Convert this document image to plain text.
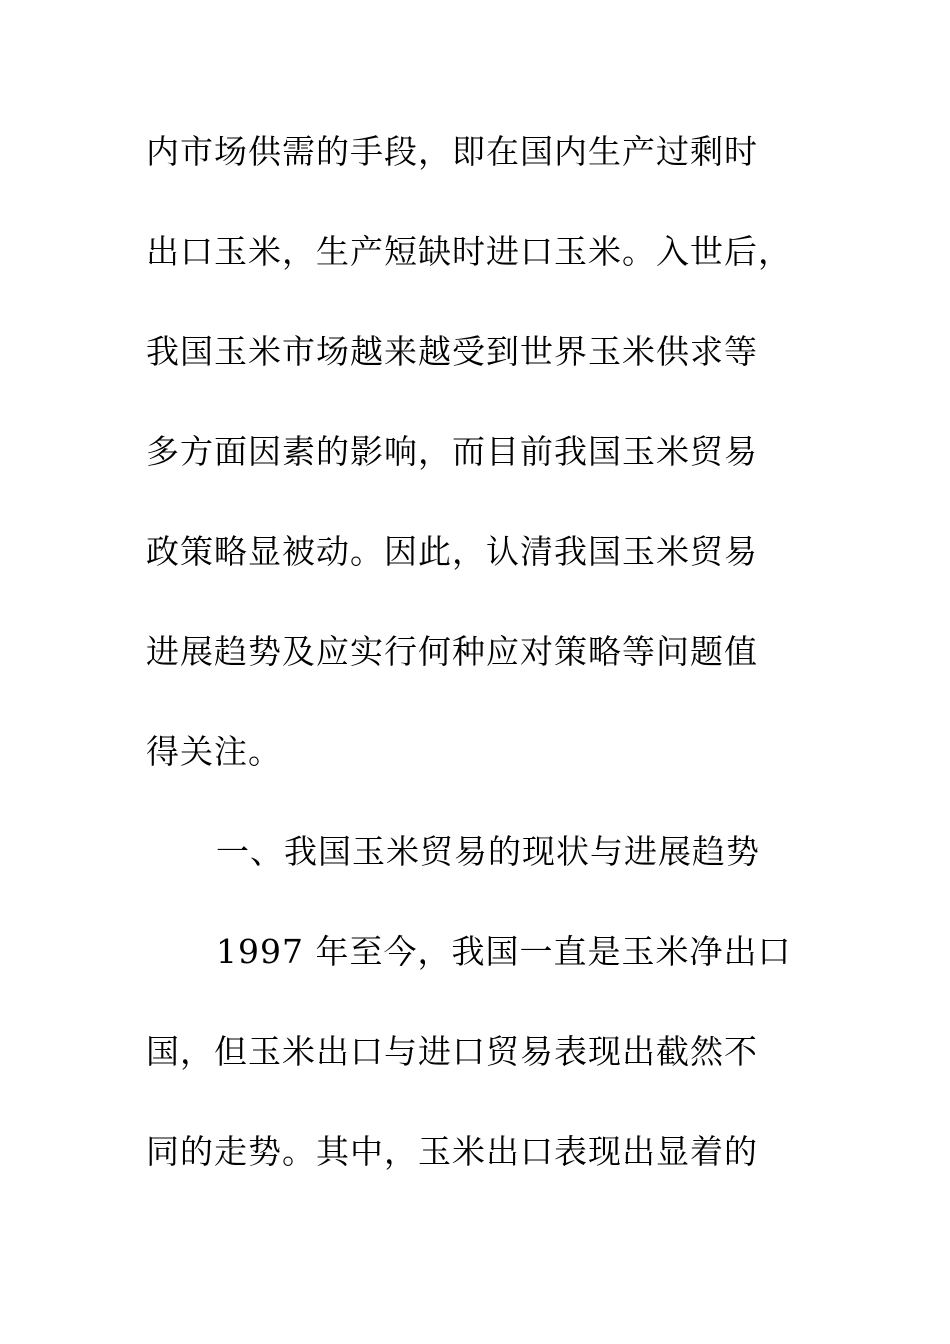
内市场供需的手段，即在国内生产过剩时
出口玉米，生产短缺时进口玉米。入世后，
我国玉米市场越来越受到世界玉米供求等
多方面因素的影响，而目前我国玉米贸易
政策略显被动。因此，认清我国玉米贸易
进展趋势及应实行何种应对策略等问题值
得关注。
一、我国玉米贸易的现状与进展趋势
1997 年至今，我国一直是玉米净出口
国，但玉米出口与进口贸易表现出截然不
同的走势。其中，玉米出口表现出显着的
